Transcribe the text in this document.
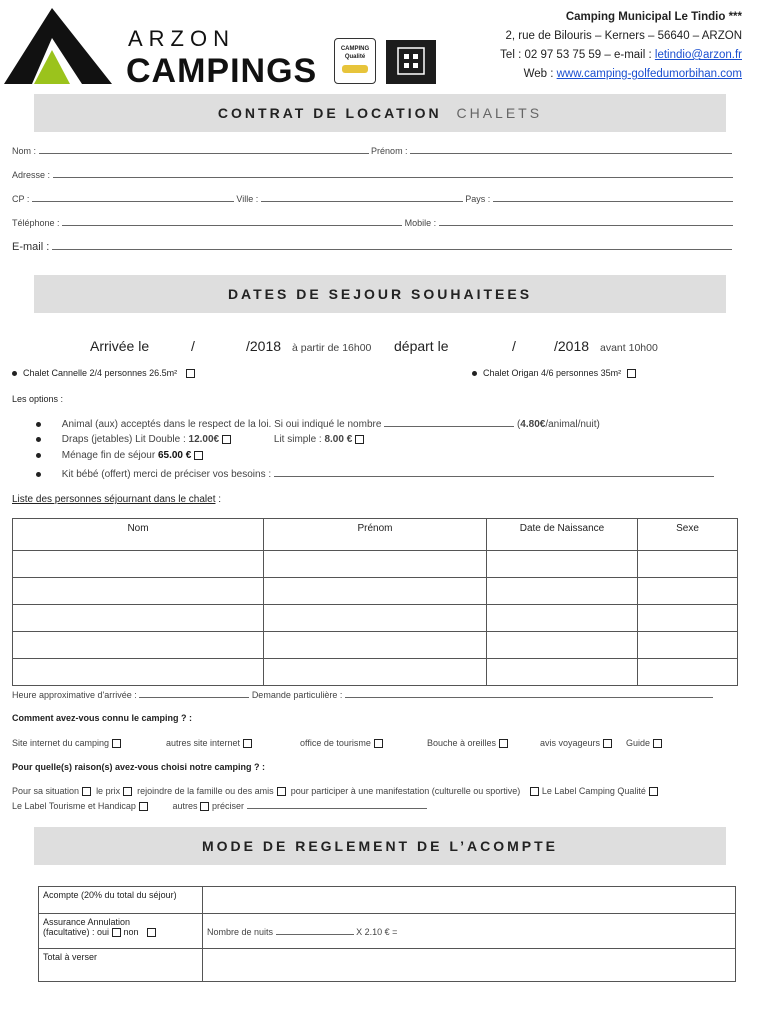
ARZON
CAMPINGS
CAMPING Qualité
Camping Municipal Le Tindio ***
2, rue de Bilouris – Kerners – 56640 – ARZON
Tel : 02 97 53 75 59 – e-mail : letindio@arzon.fr
Web : www.camping-golfedumorbihan.com
CONTRAT DE LOCATION CHALETS
Nom :	Prénom :
Adresse :
CP :	Ville :	Pays :
Téléphone :	Mobile :
E-mail :
DATES DE SEJOUR SOUHAITEES
Arrivée le	/	/2018 à partir de 16h00 départ le	/	/2018 avant 10h00
Chalet Cannelle 2/4 personnes 26.5m²	Chalet Origan 4/6 personnes 35m²
Les options :
Animal (aux) acceptés dans le respect de la loi. Si oui indiqué le nombre	(4.80€/animal/nuit)
Draps (jetables) Lit Double : 12.00€	Lit simple : 8.00 €
Ménage fin de séjour 65.00 €
Kit bébé (offert) merci de préciser vos besoins :
Liste des personnes séjournant dans le chalet :
Nom	Prénom	Date de Naissance	Sexe

Heure approximative d'arrivée :	Demande particulière :
Comment avez-vous connu le camping ? :
Site internet du camping	autres site internet	office de tourisme	Bouche à oreilles	avis voyageurs	Guide
Pour quelle(s) raison(s) avez-vous choisi notre camping ? :
Pour sa situation le prix rejoindre de la famille ou des amis pour participer à une manifestation (culturelle ou sportive) Le Label Camping Qualité
Le Label Tourisme et Handicap	autres préciser
MODE DE REGLEMENT DE L’ACOMPTE
Acompte (20% du total du séjour)	

Assurance Annulation
(facultative) : oui non	Nombre de nuits X 2.10 € =
Total à verser	
